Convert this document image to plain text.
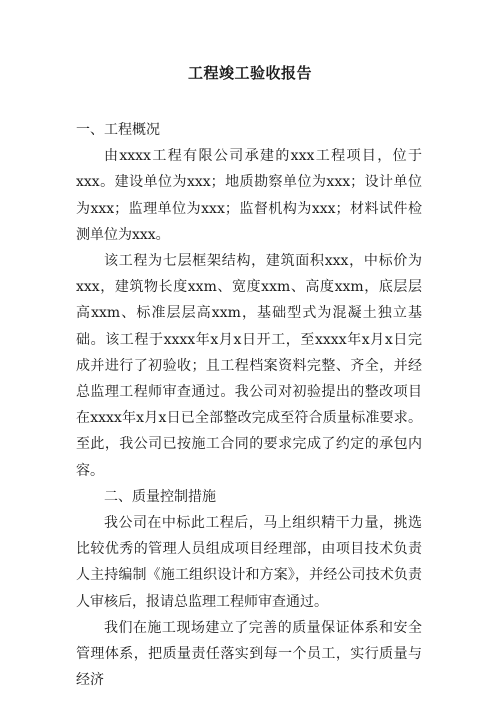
工程竣工验收报告

一、工程概况

由xxxx工程有限公司承建的xxx工程项目，位于xxx。建设单位为xxx；地质勘察单位为xxx；设计单位为xxx；监理单位为xxx；监督机构为xxx；材料试件检测单位为xxx。

该工程为七层框架结构，建筑面积xxx，中标价为xxx，建筑物长度xxm、宽度xxm、高度xxm，底层层高xxm、标准层层高xxm，基础型式为混凝土独立基础。该工程于xxxx年x月x日开工，至xxxx年x月x日完成并进行了初验收；且工程档案资料完整、齐全，并经总监理工程师审查通过。我公司对初验提出的整改项目在xxxx年x月x日已全部整改完成至符合质量标准要求。至此，我公司已按施工合同的要求完成了约定的承包内容。

二、质量控制措施

我公司在中标此工程后，马上组织精干力量，挑选比较优秀的管理人员组成项目经理部，由项目技术负责人主持编制《施工组织设计和方案》，并经公司技术负责人审核后，报请总监理工程师审查通过。

我们在施工现场建立了完善的质量保证体系和安全管理体系，把质量责任落实到每一个员工，实行质量与经济
